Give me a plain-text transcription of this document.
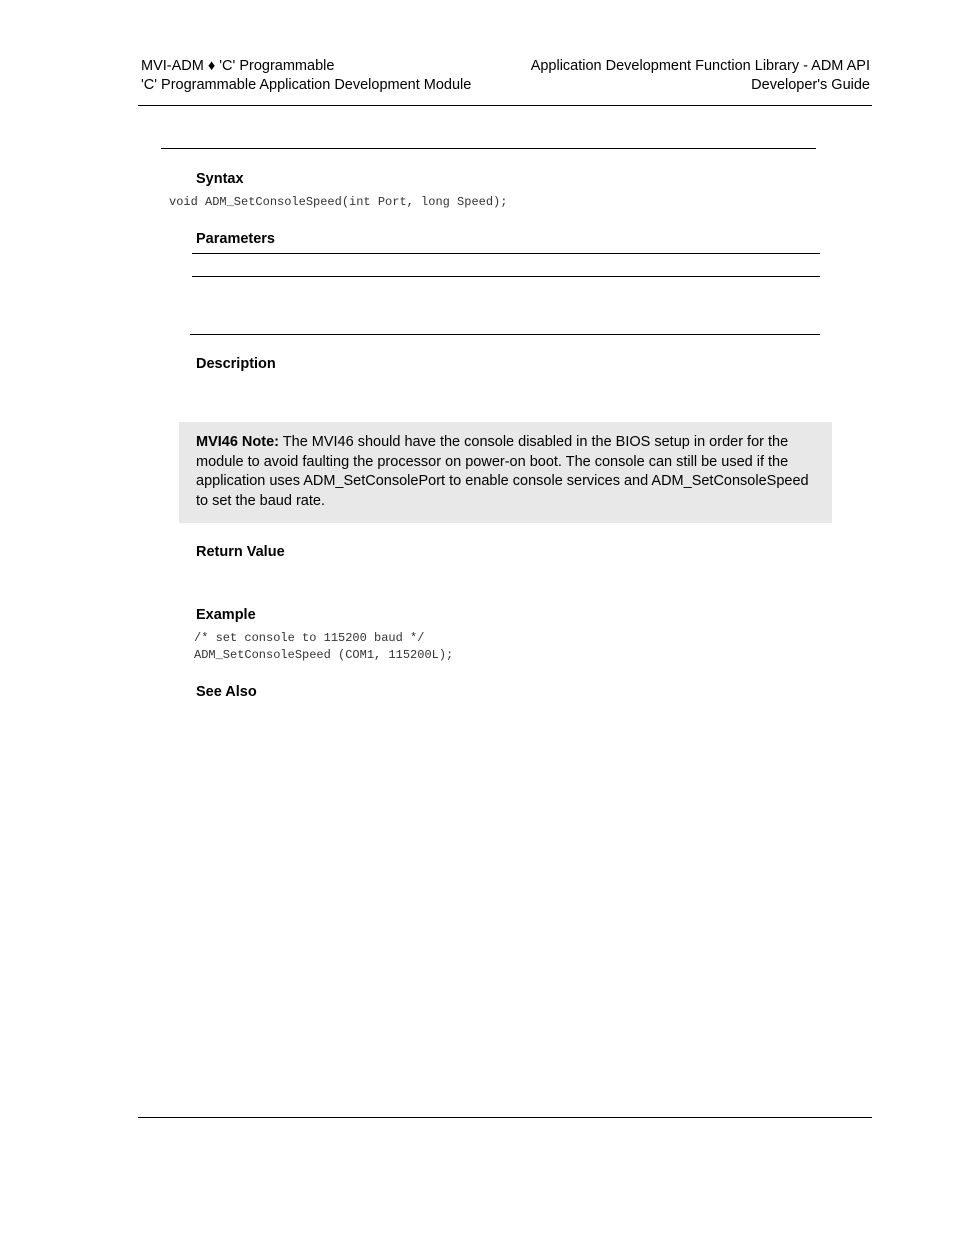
MVI-ADM ♦ 'C' Programmable
'C' Programmable Application Development Module
Application Development Function Library - ADM API
Developer's Guide
Syntax
void ADM_SetConsoleSpeed(int Port, long Speed);
Parameters
Description
MVI46 Note: The MVI46 should have the console disabled in the BIOS setup in order for the module to avoid faulting the processor on power-on boot. The console can still be used if the application uses ADM_SetConsolePort to enable console services and ADM_SetConsoleSpeed to set the baud rate.
Return Value
Example
/* set console to 115200 baud */
ADM_SetConsoleSpeed (COM1, 115200L);
See Also
